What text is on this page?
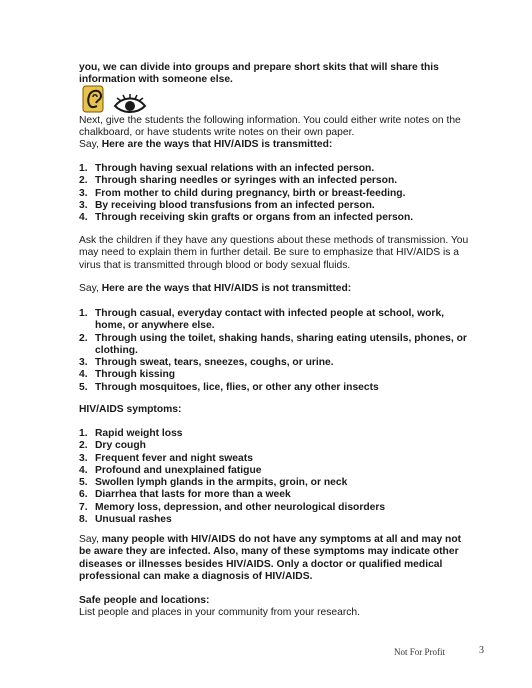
you, we can divide into groups and prepare short skits that will share this information with someone else.

Next, give the students the following information. You could either write notes on the chalkboard, or have students write notes on their own paper.

Say, Here are the ways that HIV/AIDS is transmitted:

1. Through having sexual relations with an infected person.
2. Through sharing needles or syringes with an infected person.
3. From mother to child during pregnancy, birth or breast-feeding.
3. By receiving blood transfusions from an infected person.
4. Through receiving skin grafts or organs from an infected person.

Ask the children if they have any questions about these methods of transmission. You may need to explain them in further detail. Be sure to emphasize that HIV/AIDS is a virus that is transmitted through blood or body sexual fluids.

Say, Here are the ways that HIV/AIDS is not transmitted:

1. Through casual, everyday contact with infected people at school, work, home, or anywhere else.
2. Through using the toilet, shaking hands, sharing eating utensils, phones, or clothing.
3. Through sweat, tears, sneezes, coughs, or urine.
4. Through kissing
5. Through mosquitoes, lice, flies, or other any other insects

HIV/AIDS symptoms:

1. Rapid weight loss
2. Dry cough
3. Frequent fever and night sweats
4. Profound and unexplained fatigue
5. Swollen lymph glands in the armpits, groin, or neck
6. Diarrhea that lasts for more than a week
7. Memory loss, depression, and other neurological disorders
8. Unusual rashes

Say, many people with HIV/AIDS do not have any symptoms at all and may not be aware they are infected. Also, many of these symptoms may indicate other diseases or illnesses besides HIV/AIDS. Only a doctor or qualified medical professional can make a diagnosis of HIV/AIDS.

Safe people and locations:

List people and places in your community from your research.

Not For Profit	3
